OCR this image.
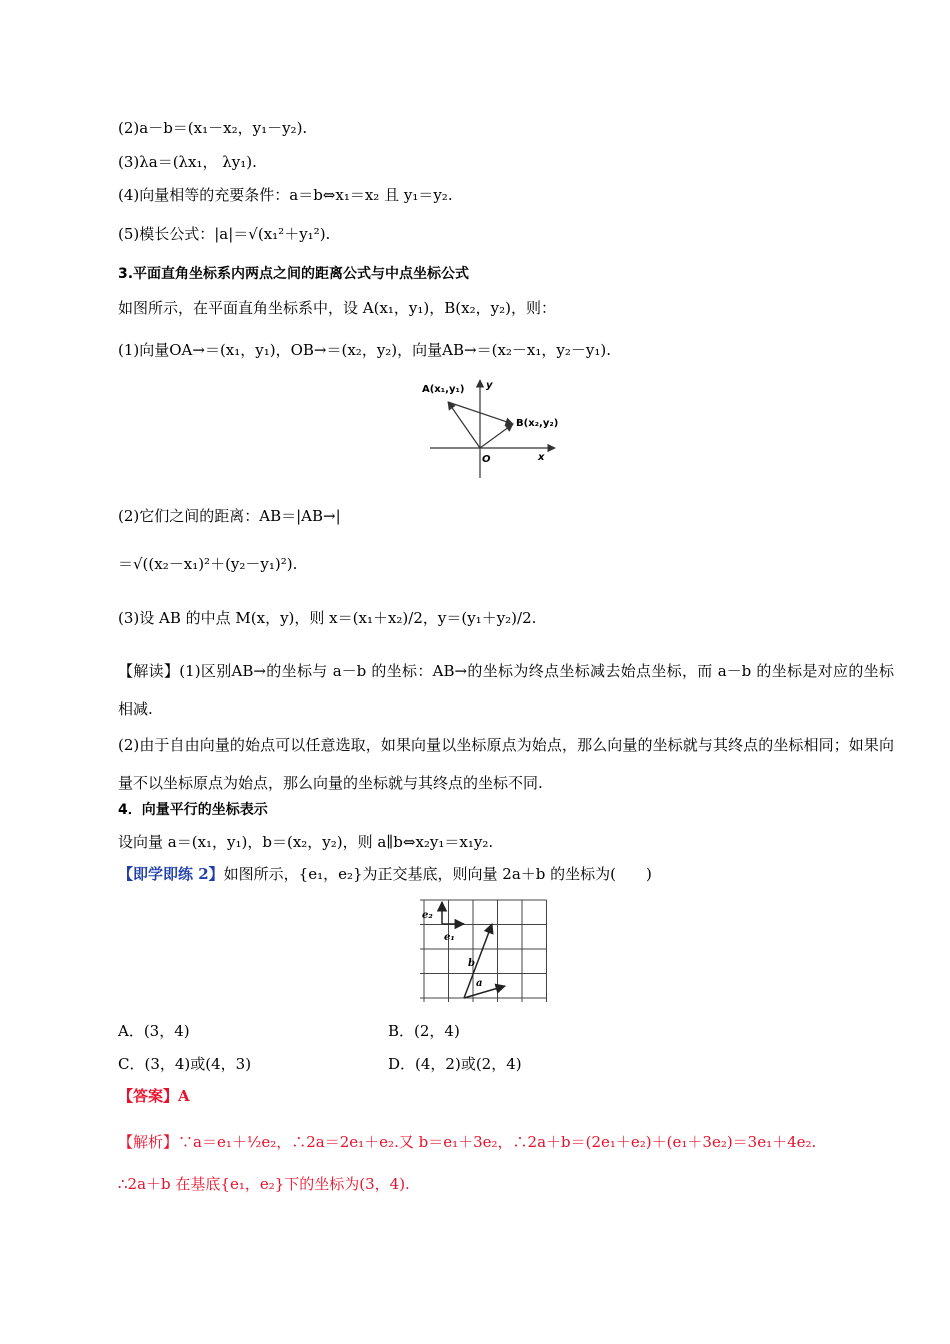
(2)a－b＝(x₁－x₂，y₁－y₂).
(3)λa＝(λx₁， λy₁).
(4)向量相等的充要条件：a＝b⇔x₁＝x₂ 且 y₁＝y₂.
(5)模长公式：|a|＝√(x₁²＋y₁²).
3.平面直角坐标系内两点之间的距离公式与中点坐标公式
如图所示，在平面直角坐标系中，设 A(x₁，y₁)，B(x₂，y₂)，则：
(1)向量OA→＝(x₁，y₁)，OB→＝(x₂，y₂)，向量AB→＝(x₂－x₁，y₂－y₁).
A(x₁,y₁)
B(x₂,y₂)
O	x
y
(2)它们之间的距离：AB＝|AB→|
＝√((x₂－x₁)²＋(y₂－y₁)²).
(3)设 AB 的中点 M(x，y)，则 x＝(x₁＋x₂)/2，y＝(y₁＋y₂)/2.
【解读】(1)区别AB→的坐标与 a－b 的坐标：AB→的坐标为终点坐标减去始点坐标，而 a－b 的坐标是对应的坐标相减.
(2)由于自由向量的始点可以任意选取，如果向量以坐标原点为始点，那么向量的坐标就与其终点的坐标相同；如果向量不以坐标原点为始点，那么向量的坐标就与其终点的坐标不同.
4．向量平行的坐标表示
设向量 a＝(x₁，y₁)，b＝(x₂，y₂)，则 a∥b⇔x₂y₁＝x₁y₂.
【即学即练 2】如图所示，{e₁，e₂}为正交基底，则向量 2a＋b 的坐标为(　　)
e₂
e₁
b
a
A．(3，4)	B．(2，4)
C．(3，4)或(4，3)	D．(4，2)或(2，4)
【答案】A
【解析】∵a＝e₁＋½e₂，∴2a＝2e₁＋e₂.又 b＝e₁＋3e₂，∴2a＋b＝(2e₁＋e₂)＋(e₁＋3e₂)＝3e₁＋4e₂.
∴2a＋b 在基底{e₁，e₂}下的坐标为(3，4).
